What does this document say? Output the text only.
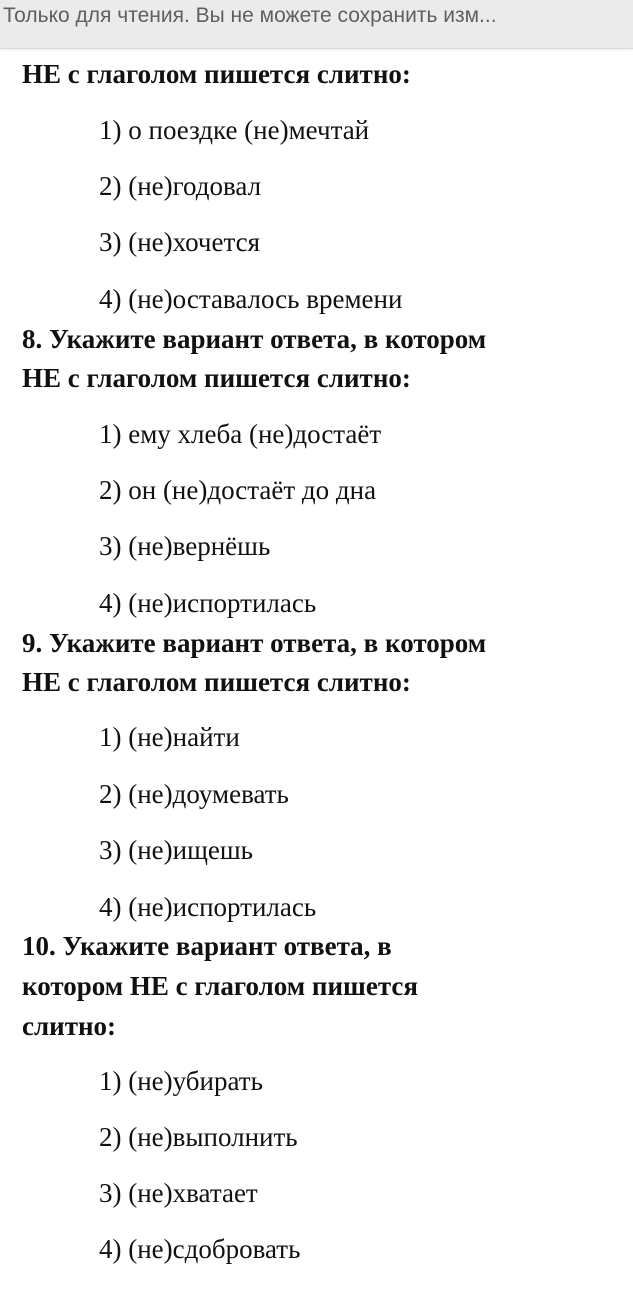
Только для чтения. Вы не можете сохранить изм...
НЕ с глаголом пишется слитно:
1) о поездке (не)мечтай
2) (не)годовал
3) (не)хочется
4) (не)оставалось времени
8. Укажите вариант ответа, в котором
НЕ с глаголом пишется слитно:
1) ему хлеба (не)достаёт
2) он (не)достаёт до дна
3) (не)вернёшь
4) (не)испортилась
9. Укажите вариант ответа, в котором
НЕ с глаголом пишется слитно:
1) (не)найти
2) (не)доумевать
3) (не)ищешь
4) (не)испортилась
10. Укажите вариант ответа, в
котором НЕ с глаголом пишется
слитно:
1) (не)убирать
2) (не)выполнить
3) (не)хватает
4) (не)сдобровать
